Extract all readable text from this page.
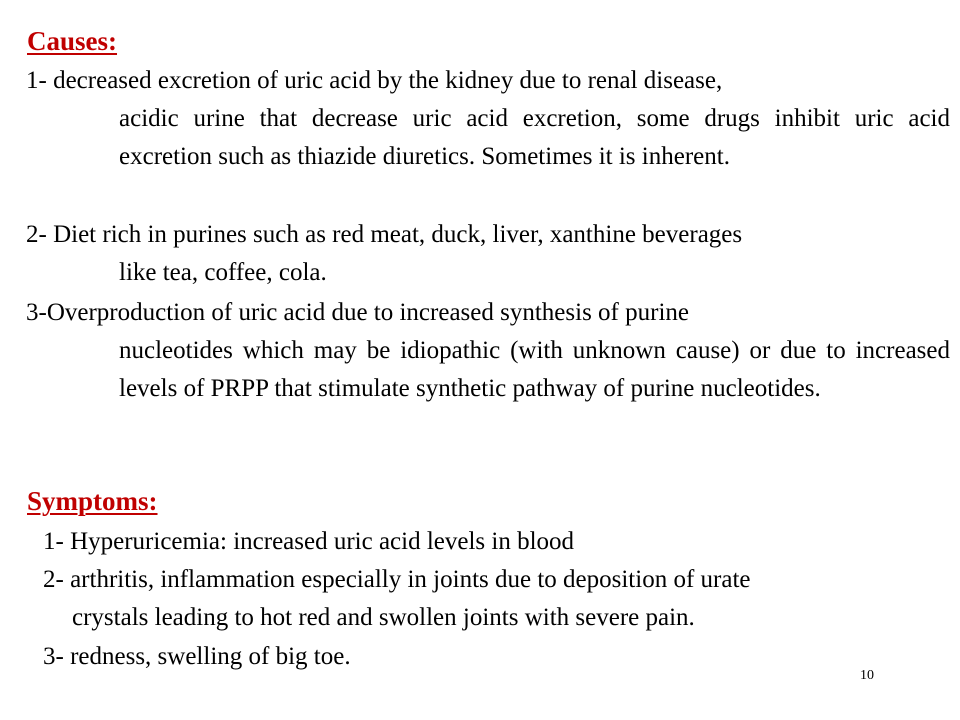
Causes:
1- decreased excretion of uric acid by the kidney due to renal disease,
acidic urine that decrease uric acid excretion, some drugs inhibit uric acid excretion such as thiazide diuretics. Sometimes it is inherent.
2- Diet rich in purines such as red meat, duck, liver, xanthine beverages
like tea, coffee, cola.
3-Overproduction of uric acid due to increased synthesis of purine
nucleotides which may be idiopathic (with unknown cause) or due to increased levels of PRPP that stimulate synthetic pathway of purine nucleotides.
Symptoms:
1- Hyperuricemia: increased uric acid levels in blood
2- arthritis, inflammation especially in joints due to deposition of urate
crystals leading to hot red and swollen joints with severe pain.
3- redness, swelling of big toe.
10
